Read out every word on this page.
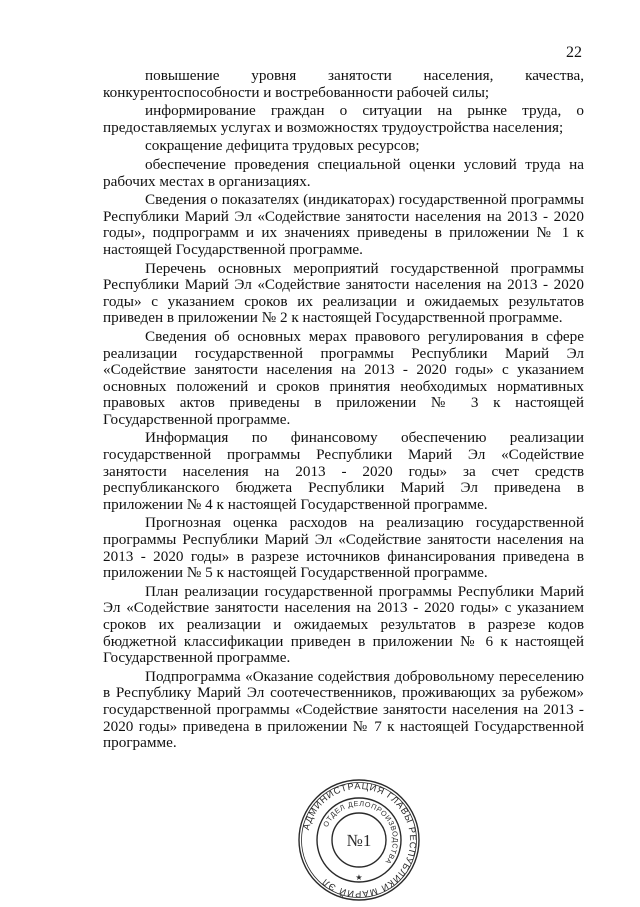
22

повышение уровня занятости населения, качества, конкурентоспособности и востребованности рабочей силы;

информирование граждан о ситуации на рынке труда, о предоставляемых услугах и возможностях трудоустройства населения;

сокращение дефицита трудовых ресурсов;

обеспечение проведения специальной оценки условий труда на рабочих местах в организациях.

Сведения о показателях (индикаторах) государственной программы Республики Марий Эл «Содействие занятости населения на 2013 - 2020 годы», подпрограмм и их значениях приведены в приложении № 1 к настоящей Государственной программе.

Перечень основных мероприятий государственной программы Республики Марий Эл «Содействие занятости населения на 2013 - 2020 годы» с указанием сроков их реализации и ожидаемых результатов приведен в приложении № 2 к настоящей Государственной программе.

Сведения об основных мерах правового регулирования в сфере реализации государственной программы Республики Марий Эл «Содействие занятости населения на 2013 - 2020 годы» с указанием основных положений и сроков принятия необходимых нормативных правовых актов приведены в приложении № 3 к настоящей Государственной программе.

Информация по финансовому обеспечению реализации государственной программы Республики Марий Эл «Содействие занятости населения на 2013 - 2020 годы» за счет средств республиканского бюджета Республики Марий Эл приведена в приложении № 4 к настоящей Государственной программе.

Прогнозная оценка расходов на реализацию государственной программы Республики Марий Эл «Содействие занятости населения на 2013 - 2020 годы» в разрезе источников финансирования приведена в приложении № 5 к настоящей Государственной программе.

План реализации государственной программы Республики Марий Эл «Содействие занятости населения на 2013 - 2020 годы» с указанием сроков их реализации и ожидаемых результатов в разрезе кодов бюджетной классификации приведен в приложении № 6 к настоящей Государственной программе.

Подпрограмма «Оказание содействия добровольному переселению в Республику Марий Эл соотечественников, проживающих за рубежом» государственной программы «Содействие занятости населения на 2013 - 2020 годы» приведена в приложении № 7 к настоящей Государственной программе.

АДМИНИСТРАЦИЯ ГЛАВЫ РЕСПУБЛИКИ МАРИЙ ЭЛ
ОТДЕЛ ДЕЛОПРОИЗВОДСТВА
№1
★
